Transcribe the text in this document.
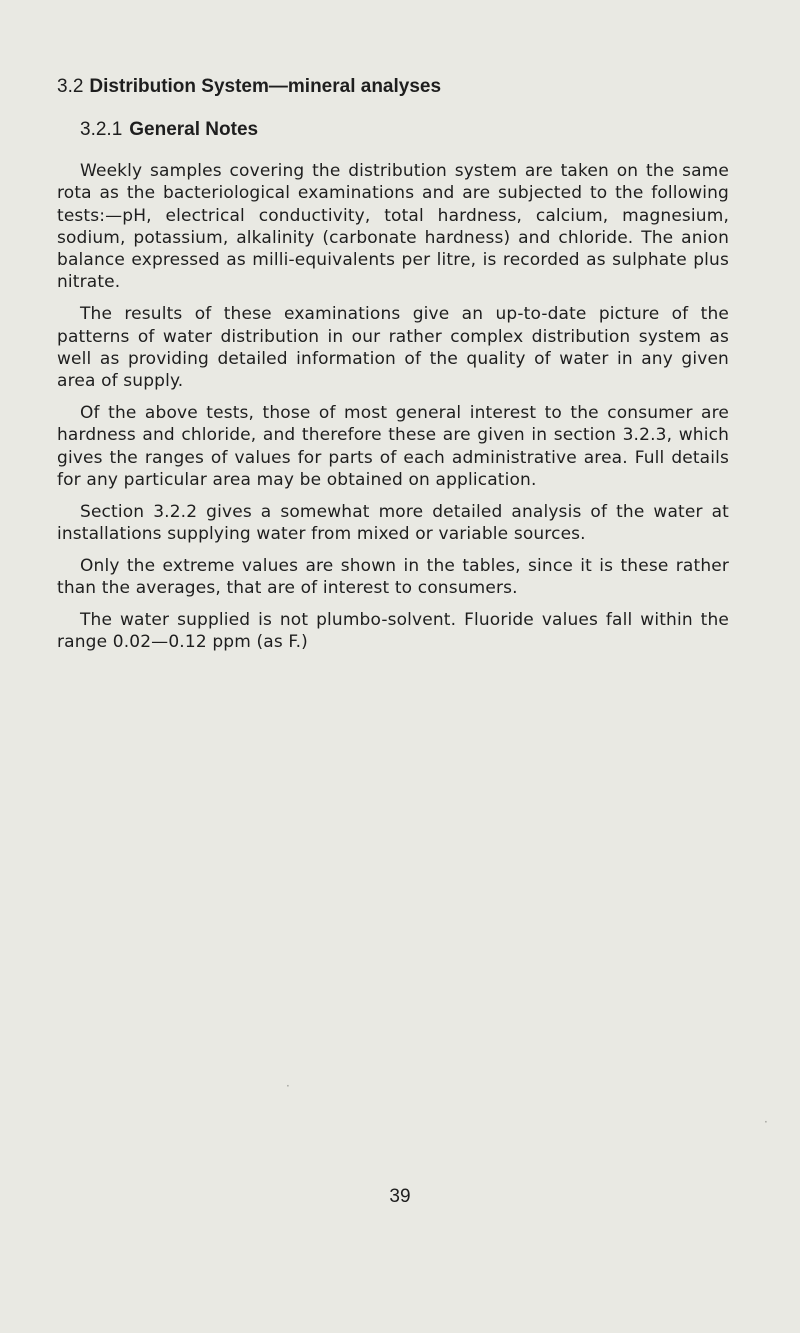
3.2 Distribution System—mineral analyses
3.2.1 General Notes

Weekly samples covering the distribution system are taken on the same rota as the bacteriological examinations and are subjected to the following tests:—pH, electrical conductivity, total hardness, calcium, magnesium, sodium, potassium, alkalinity (carbonate hardness) and chloride. The anion balance expressed as milli-equivalents per litre, is recorded as sulphate plus nitrate.

The results of these examinations give an up-to-date picture of the patterns of water distribution in our rather complex distribution system as well as providing detailed information of the quality of water in any given area of supply.

Of the above tests, those of most general interest to the consumer are hardness and chloride, and therefore these are given in section 3.2.3, which gives the ranges of values for parts of each administrative area. Full details for any particular area may be obtained on application.

Section 3.2.2 gives a somewhat more detailed analysis of the water at installations supplying water from mixed or variable sources.

Only the extreme values are shown in the tables, since it is these rather than the averages, that are of interest to consumers.

The water supplied is not plumbo-solvent. Fluoride values fall within the range 0.02—0.12 ppm (as F.)

39
·
·
